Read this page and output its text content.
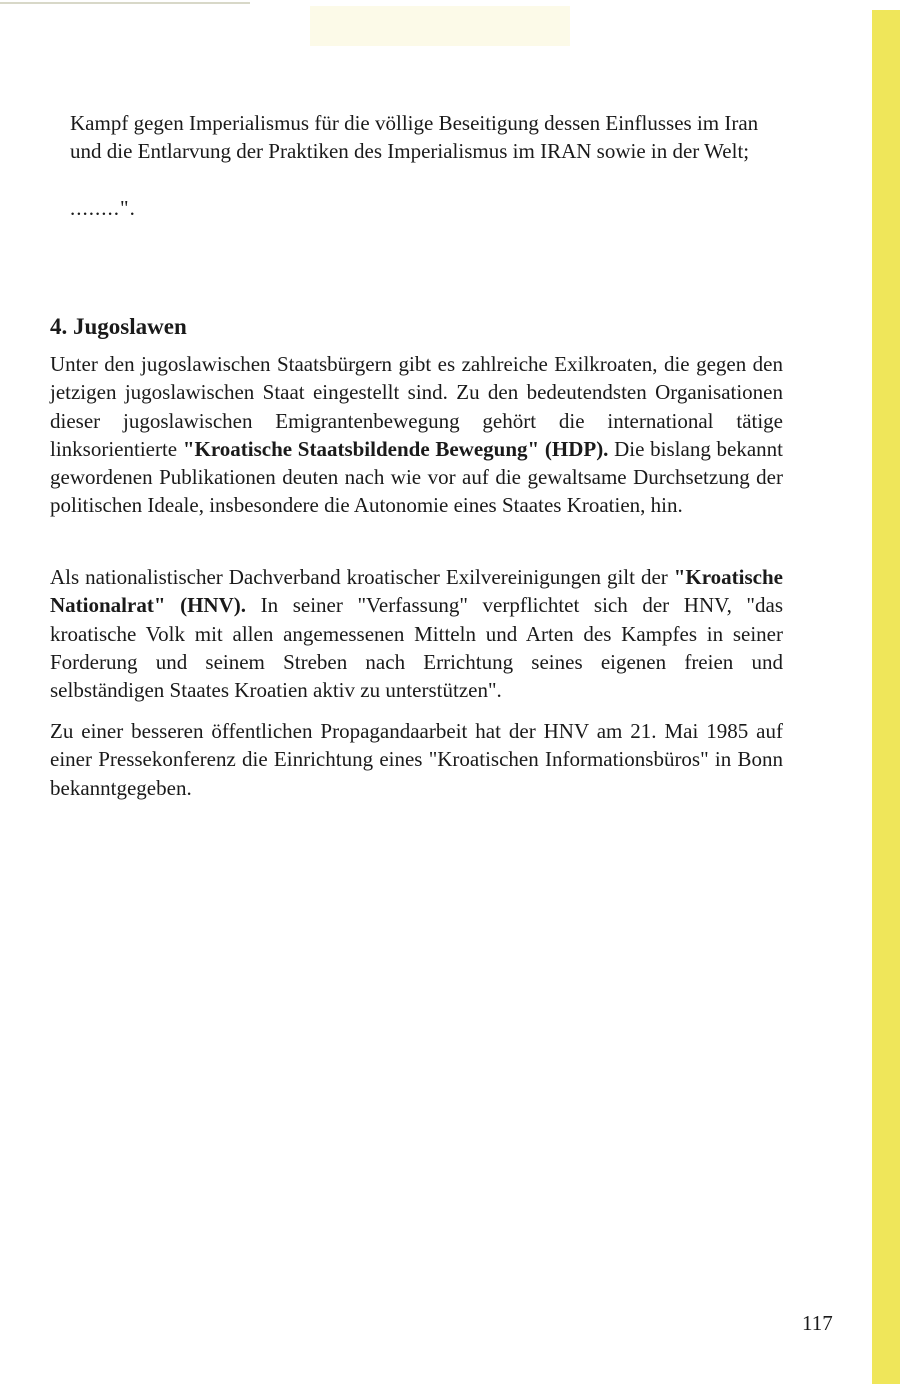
Kampf gegen Imperialismus für die völlige Beseitigung dessen Einflusses im Iran und die Entlarvung der Praktiken des Imperialismus im IRAN sowie in der Welt;

........".
4. Jugoslawen

Unter den jugoslawischen Staatsbürgern gibt es zahlreiche Exilkroaten, die gegen den jetzigen jugoslawischen Staat eingestellt sind. Zu den bedeutendsten Organisationen dieser jugoslawischen Emigrantenbewegung gehört die international tätige linksorientierte "Kroatische Staatsbildende Bewegung" (HDP). Die bislang bekannt gewordenen Publikationen deuten nach wie vor auf die gewaltsame Durchsetzung der politischen Ideale, insbesondere die Autonomie eines Staates Kroatien, hin.

Als nationalistischer Dachverband kroatischer Exilvereinigungen gilt der "Kroatische Nationalrat" (HNV). In seiner "Verfassung" verpflichtet sich der HNV, "das kroatische Volk mit allen angemessenen Mitteln und Arten des Kampfes in seiner Forderung und seinem Streben nach Errichtung seines eigenen freien und selbständigen Staates Kroatien aktiv zu unterstützen".

Zu einer besseren öffentlichen Propagandaarbeit hat der HNV am 21. Mai 1985 auf einer Pressekonferenz die Einrichtung eines "Kroatischen Informationsbüros" in Bonn bekanntgegeben.

117
